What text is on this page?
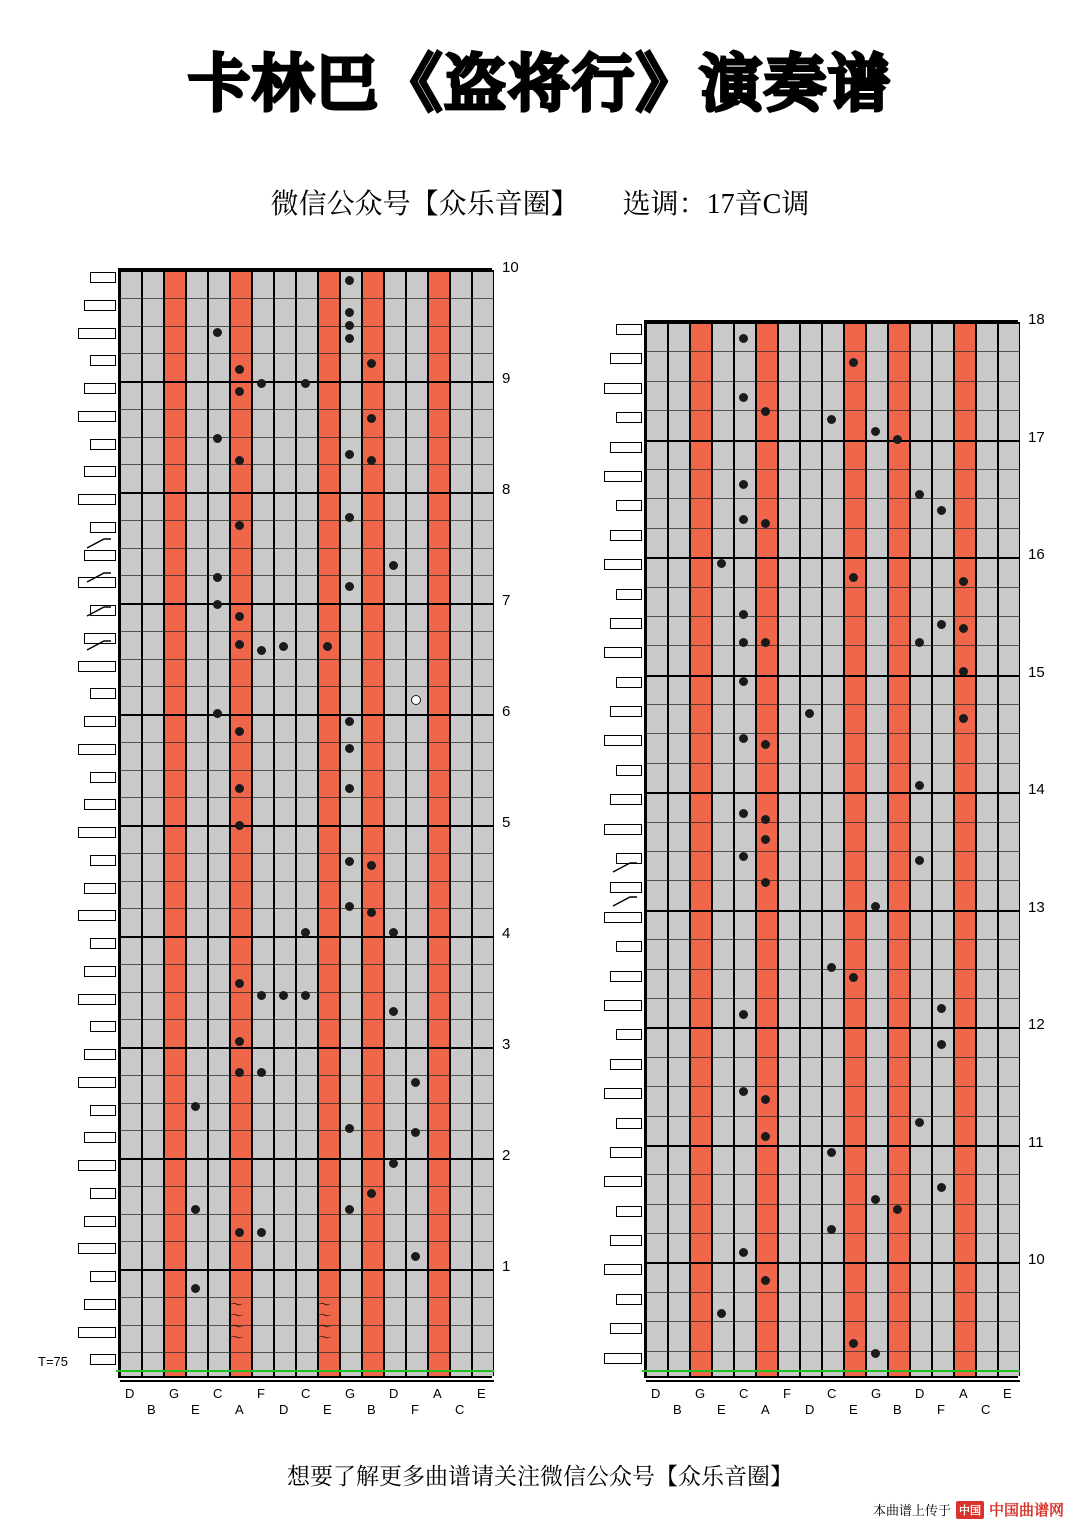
卡林巴《盗将行》演奏谱
微信公众号【众乐音圈】 选调：17音C调
10
9
8
7
6
5
4
3
2
1
D
B
G
E
C
A
F
D
C
E
G
B
D
F
A
C
E
〜
〜
〜
〜
〜
〜
〜
〜
T=75
18
17
16
15
14
13
12
11
10
D
B
G
E
C
A
F
D
C
E
G
B
D
F
A
C
E
想要了解更多曲谱请关注微信公众号【众乐音圈】
本曲谱上传于 中国 中国曲谱网
